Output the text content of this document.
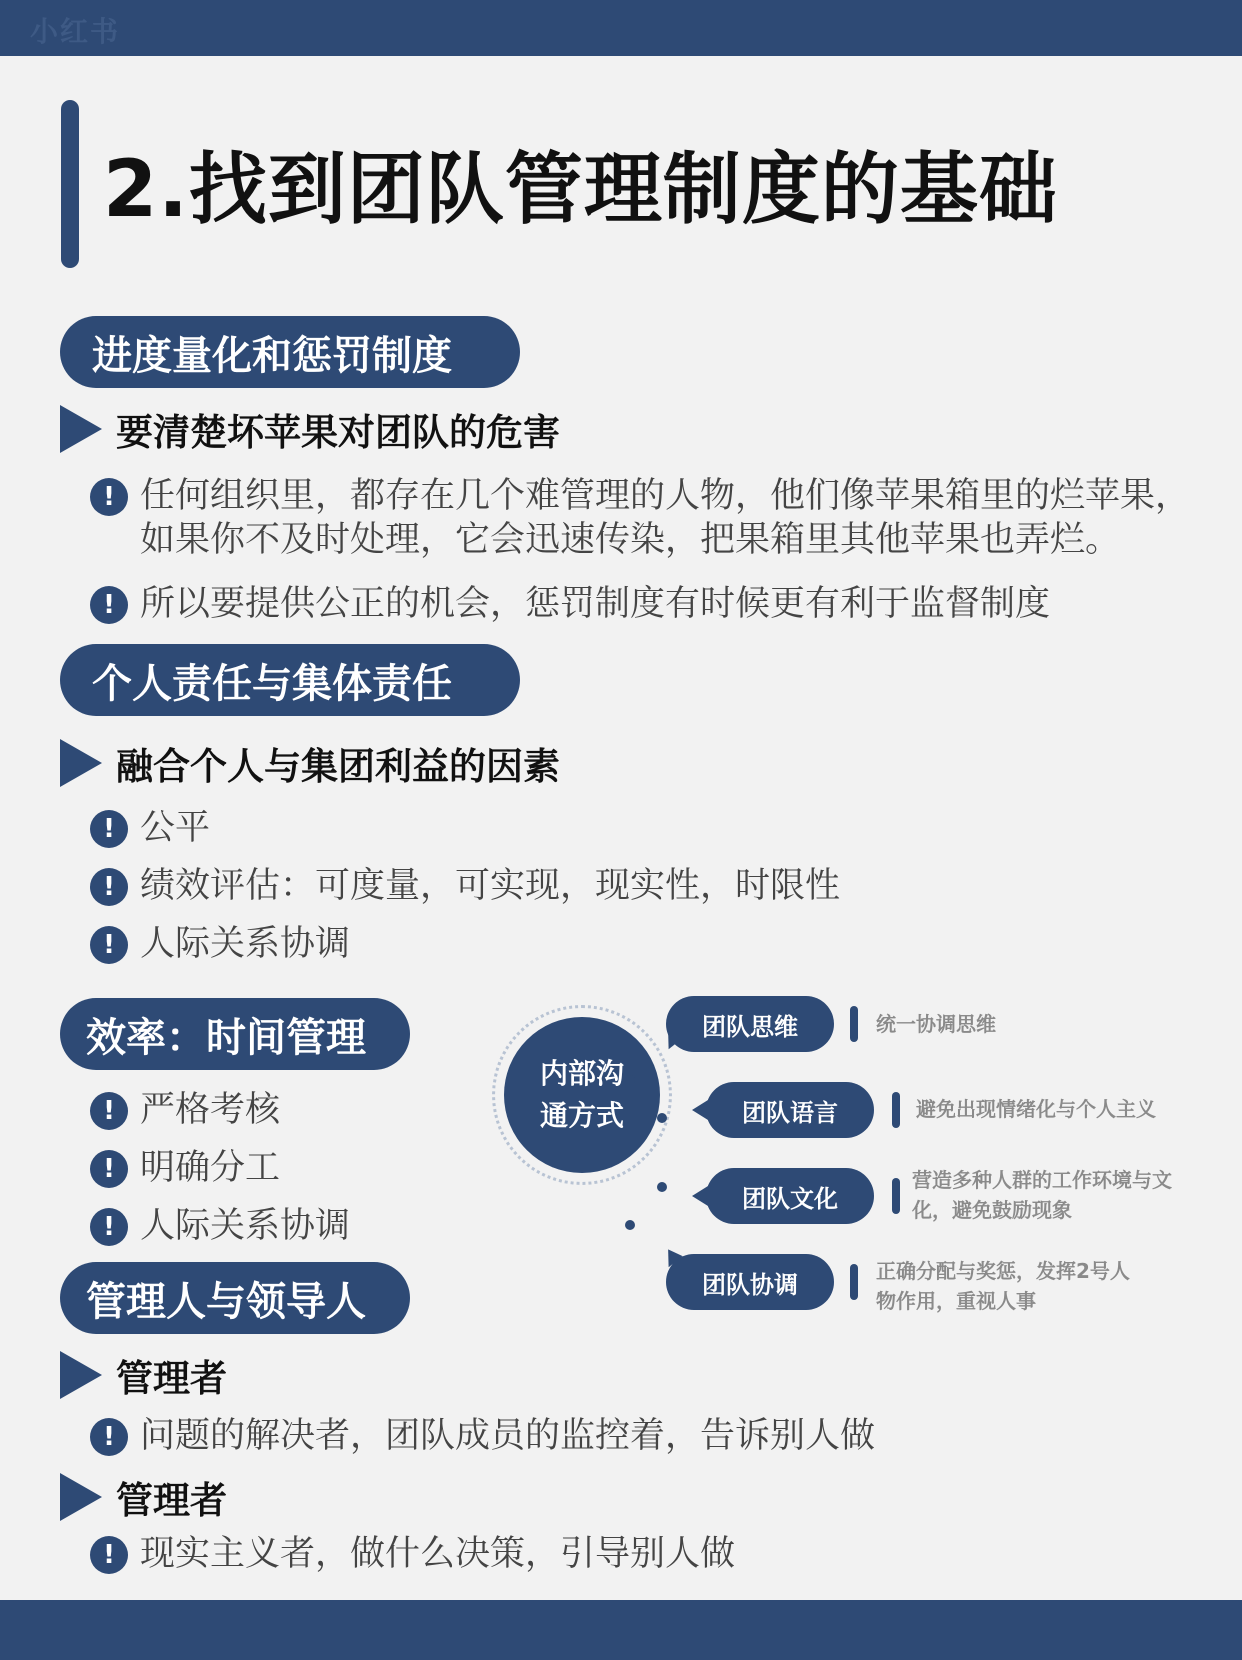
小红书
2.找到团队管理制度的基础
进度量化和惩罚制度
要清楚坏苹果对团队的危害
! 任何组织里，都存在几个难管理的人物，他们像苹果箱里的烂苹果，
如果你不及时处理，它会迅速传染，把果箱里其他苹果也弄烂。
! 所以要提供公正的机会，惩罚制度有时候更有利于监督制度
个人责任与集体责任
融合个人与集团利益的因素
! 公平
! 绩效评估：可度量，可实现，现实性，时限性
! 人际关系协调
效率：时间管理
! 严格考核
! 明确分工
! 人际关系协调
管理人与领导人
管理者
! 问题的解决者，团队成员的监控着，告诉别人做
管理者
! 现实主义者，做什么决策，引导别人做
内部沟
通方式
团队思维	统一协调思维
团队语言	避免出现情绪化与个人主义
团队文化
营造多种人群的工作环境与文
化，避免鼓励现象
团队协调	正确分配与奖惩，发挥2号人
物作用，重视人事
